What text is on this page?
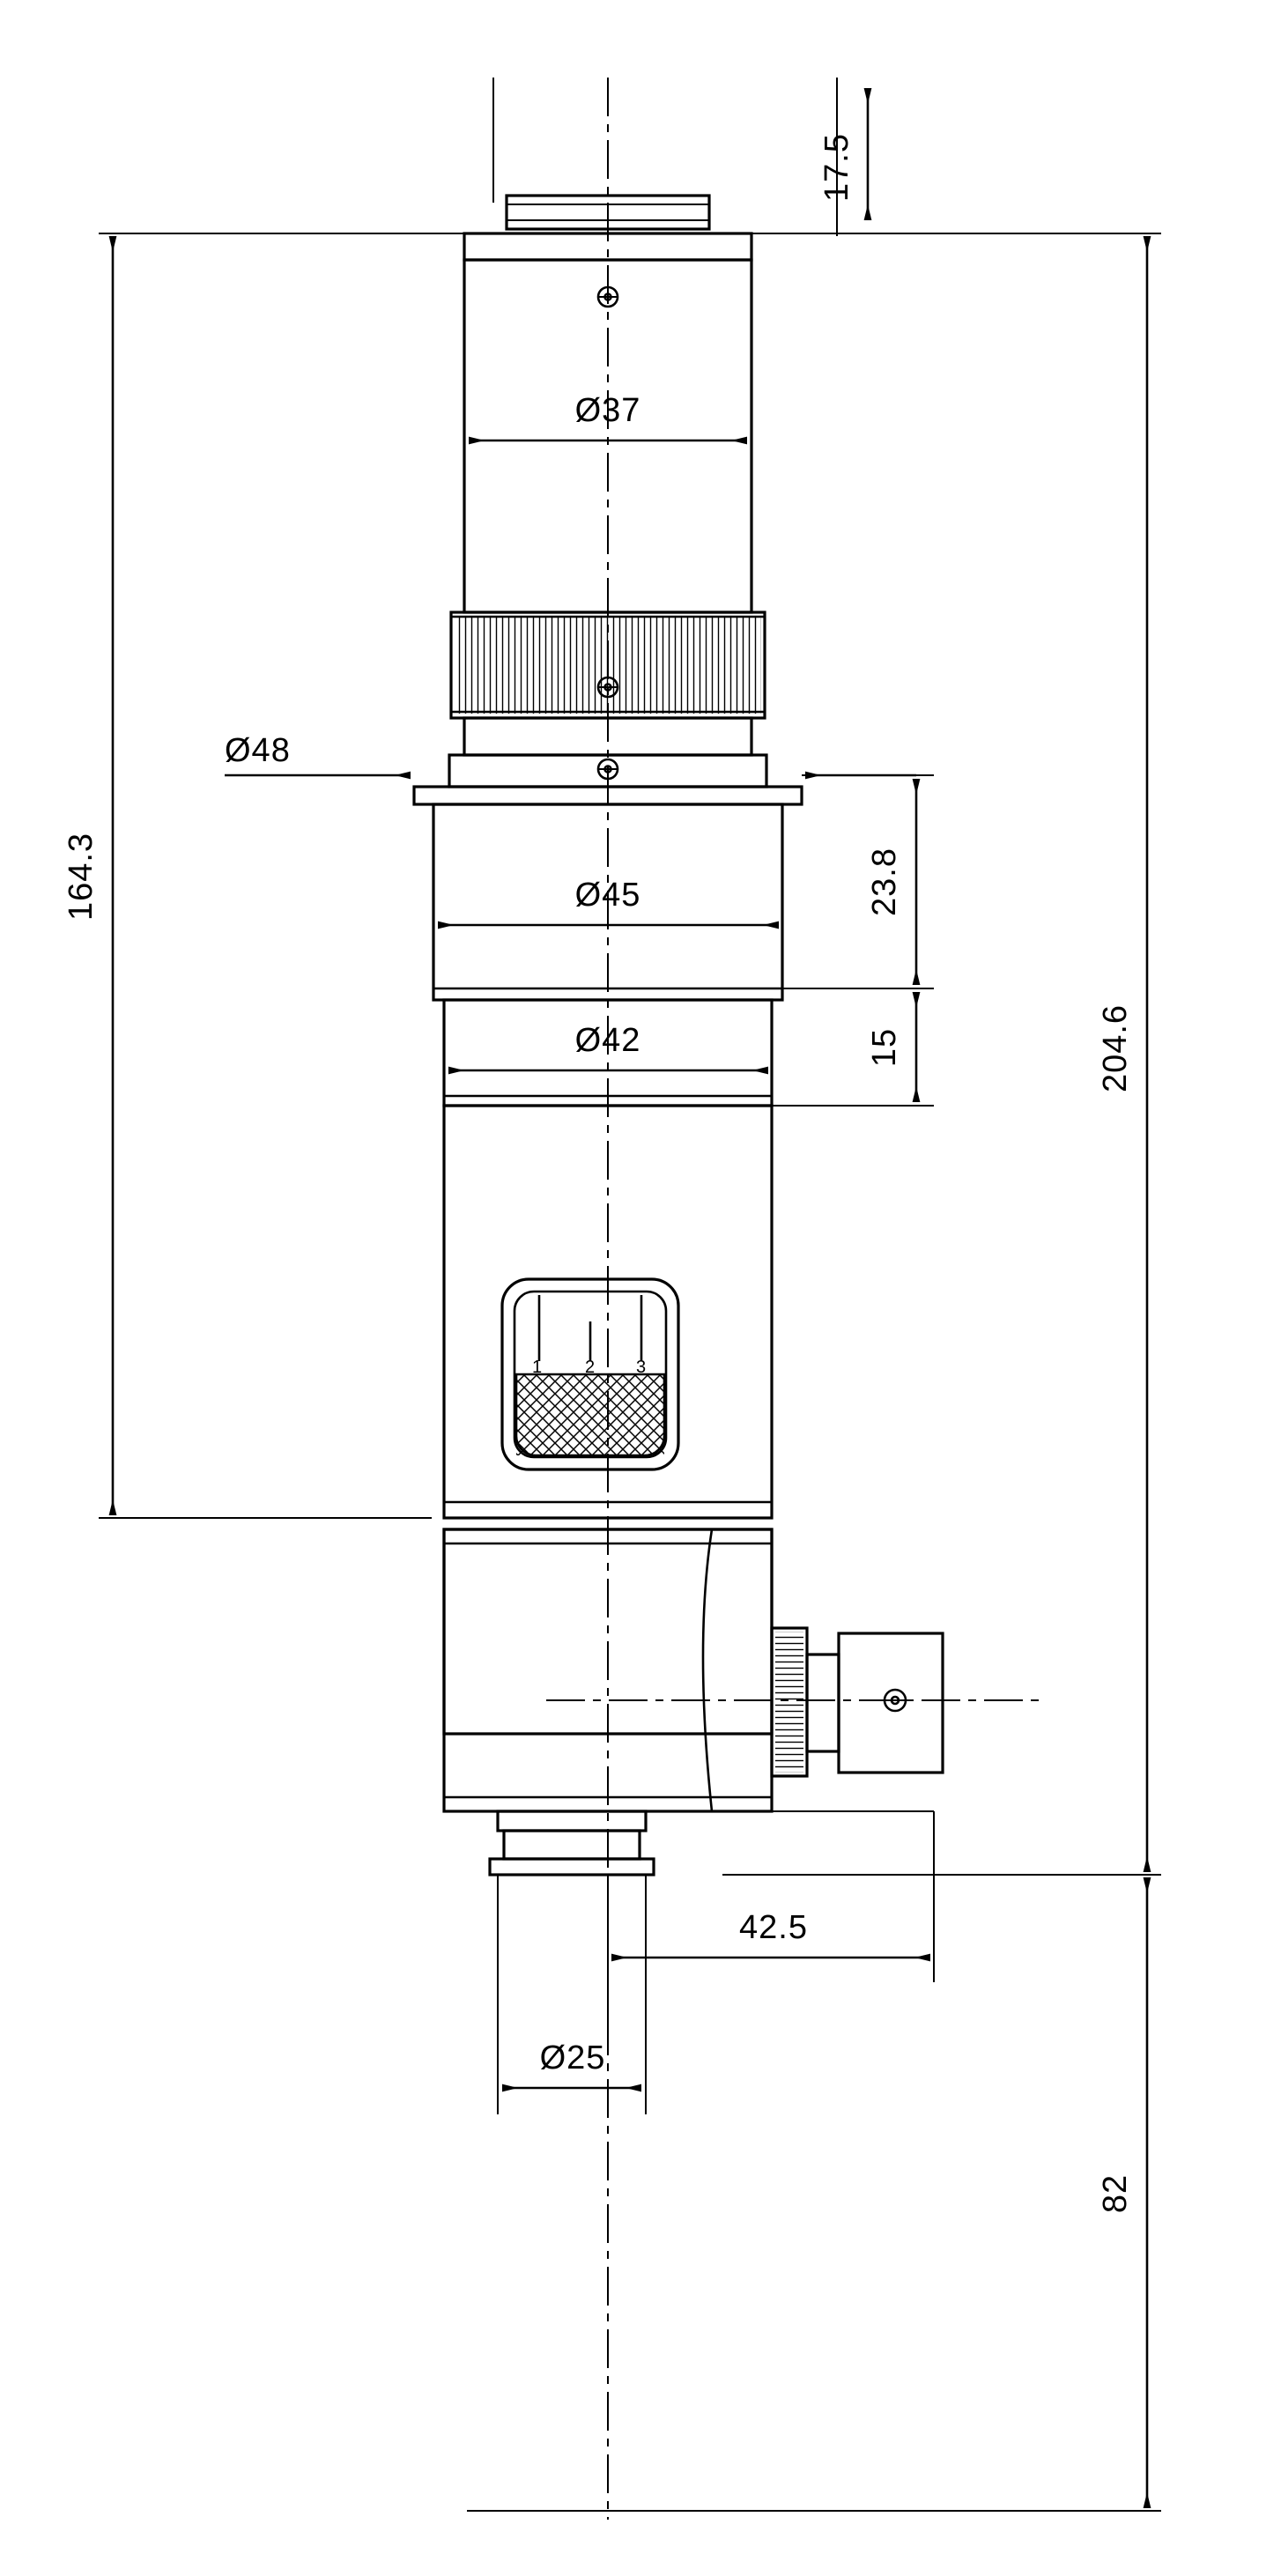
1 2 3
17.5
164.3
204.6
82
Ø48
Ø37
Ø45
Ø42
23.8
15
42.5
Ø25
